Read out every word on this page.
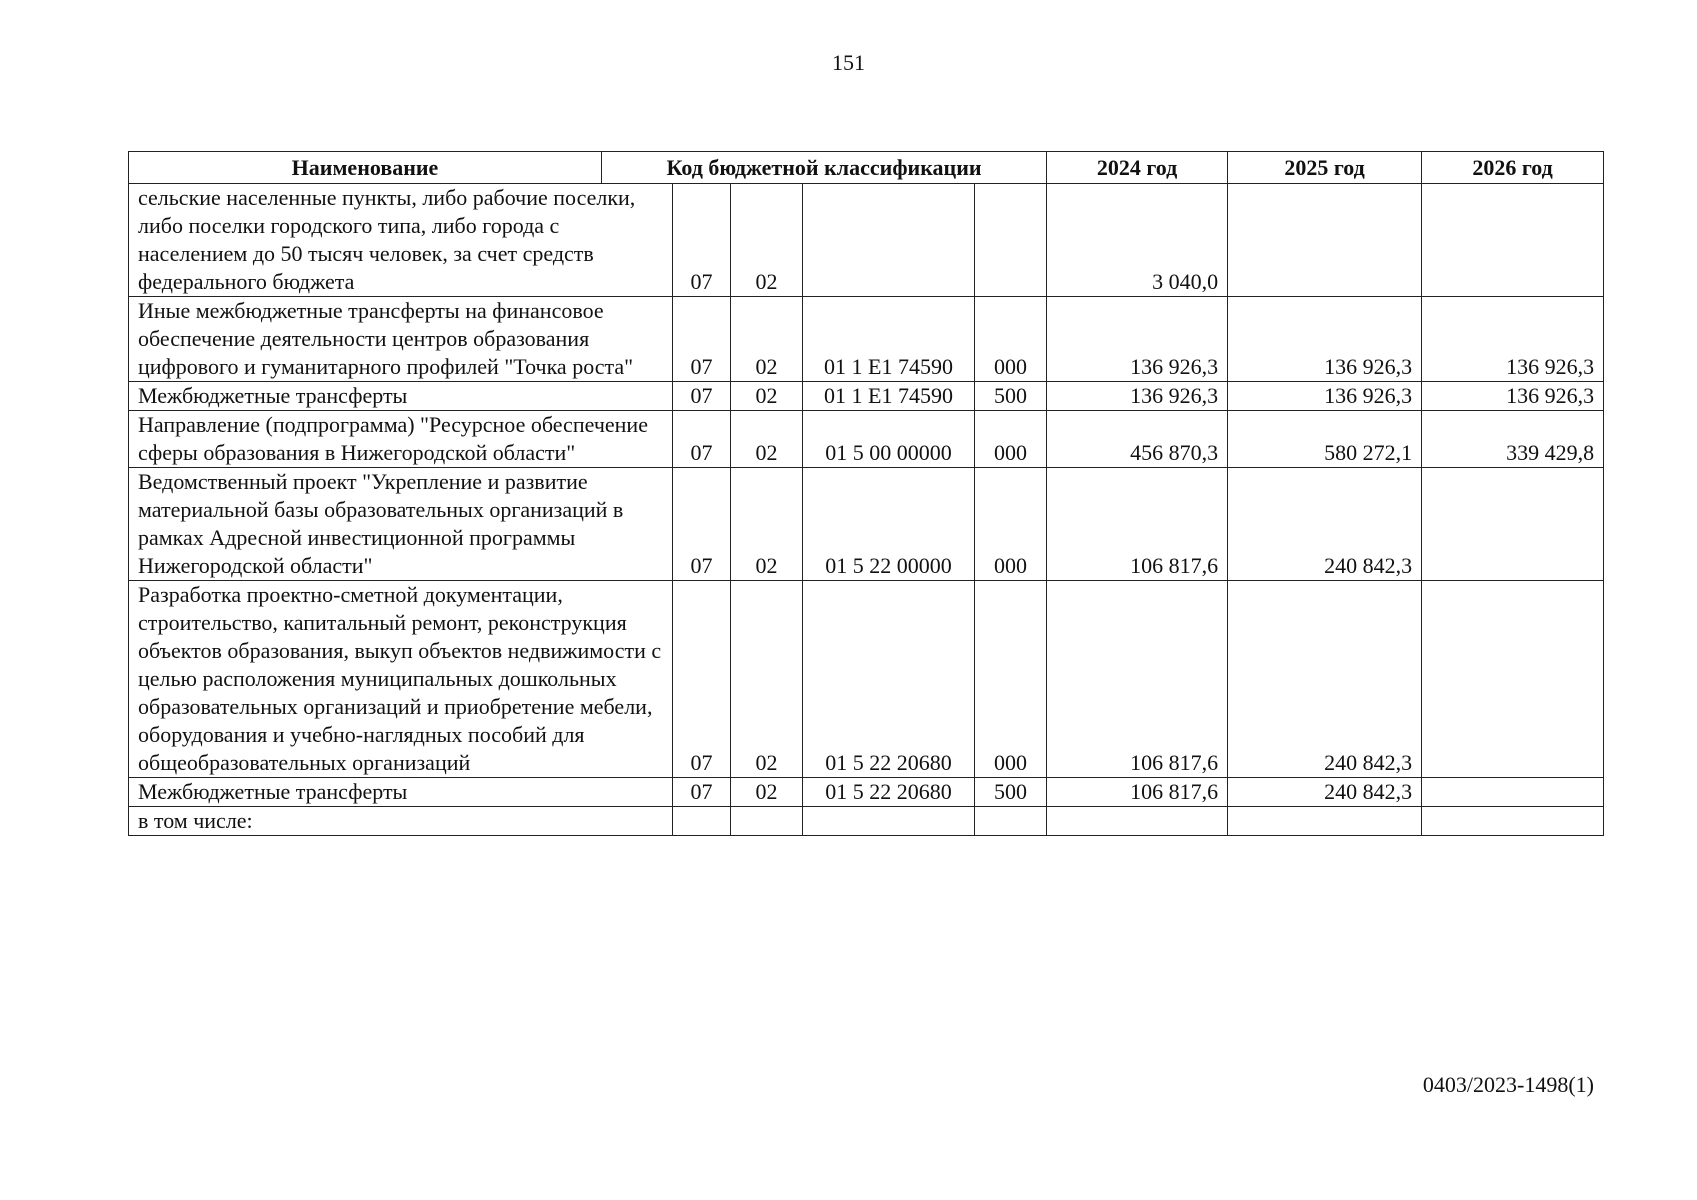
151
Наименование	Код бюджетной классификации					2024 год	2025 год	2026 год
сельские населенные пункты, либо рабочие поселки, либо поселки городского типа, либо города с населением до 50 тысяч человек, за счет средств федерального бюджета		07	02			3 040,0		
Иные межбюджетные трансферты на финансовое обеспечение деятельности центров образования цифрового и гуманитарного профилей "Точка роста"		07	02	01 1 E1 74590	000	136 926,3	136 926,3	136 926,3
Межбюджетные трансферты		07	02	01 1 E1 74590	500	136 926,3	136 926,3	136 926,3
Направление (подпрограмма) "Ресурсное обеспечение сферы образования в Нижегородской области"		07	02	01 5 00 00000	000	456 870,3	580 272,1	339 429,8
Ведомственный проект "Укрепление и развитие материальной базы образовательных организаций в рамках Адресной инвестиционной программы Нижегородской области"		07	02	01 5 22 00000	000	106 817,6	240 842,3	
Разработка проектно-сметной документации, строительство, капитальный ремонт, реконструкция объектов образования, выкуп объектов недвижимости с целью расположения муниципальных дошкольных образовательных организаций и приобретение мебели, оборудования и учебно-наглядных пособий для общеобразовательных организаций		07	02	01 5 22 20680	000	106 817,6	240 842,3	
Межбюджетные трансферты		07	02	01 5 22 20680	500	106 817,6	240 842,3	
в том числе:								
0403/2023-1498(1)
